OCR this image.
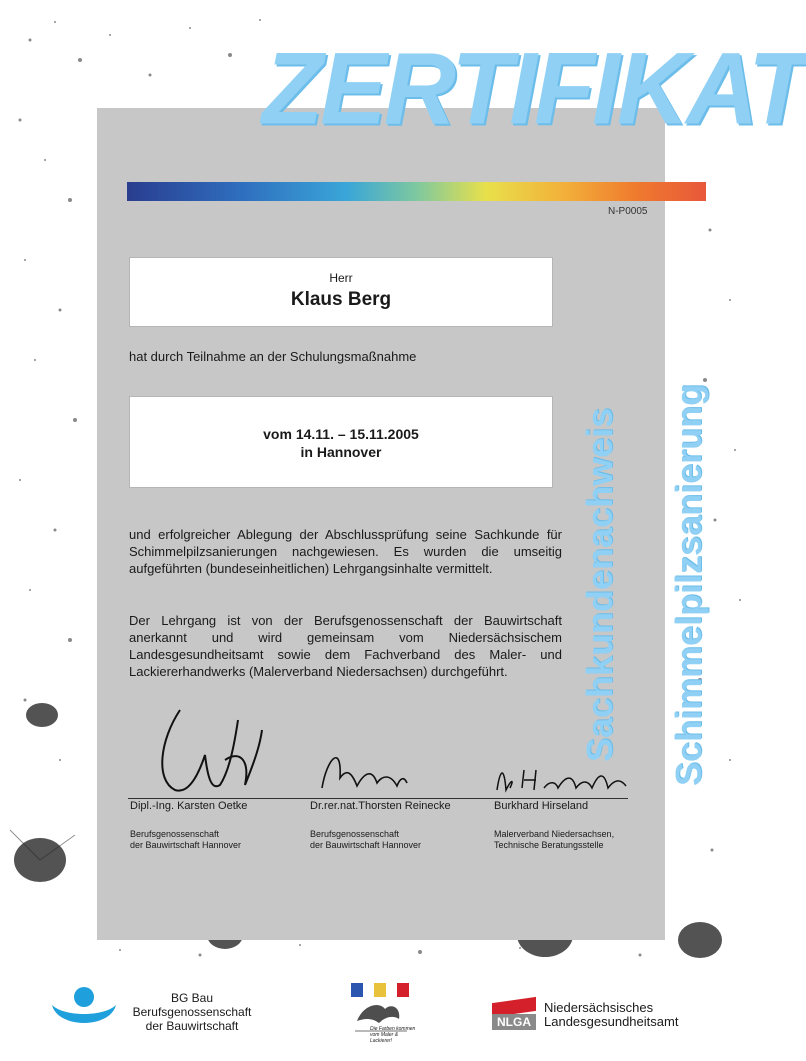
ZERTIFIKAT
N-P0005
Herr
Klaus Berg
hat durch Teilnahme an der Schulungsmaßnahme
vom 14.11. – 15.11.2005
in Hannover
und erfolgreicher Ablegung der Abschlussprüfung seine Sachkunde für Schimmelpilzsanierungen nachgewiesen. Es wurden die umseitig aufgeführten (bundeseinheitlichen) Lehrgangsinhalte vermittelt.
Der Lehrgang ist von der Berufsgenossenschaft der Bauwirtschaft anerkannt und wird gemeinsam vom Niedersächsischem Landesgesundheitsamt sowie dem Fachverband des Maler- und Lackiererhandwerks (Malerverband Niedersachsen) durchgeführt.	Sachkundenachweis Schimmelpilzsanierung
Dipl.-Ing. Karsten Oetke	Dr.rer.nat.Thorsten Reinecke	Burkhard Hirseland
Berufsgenossenschaft
der Bauwirtschaft Hannover
Berufsgenossenschaft
der Bauwirtschaft Hannover
Malerverband Niedersachsen,
Technische Beratungsstelle
BG Bau
Berufsgenossenschaft
der Bauwirtschaft	Die Farben kommen vom Maler & Lackierer!
NLGA
Niedersächsisches
Landesgesundheitsamt
